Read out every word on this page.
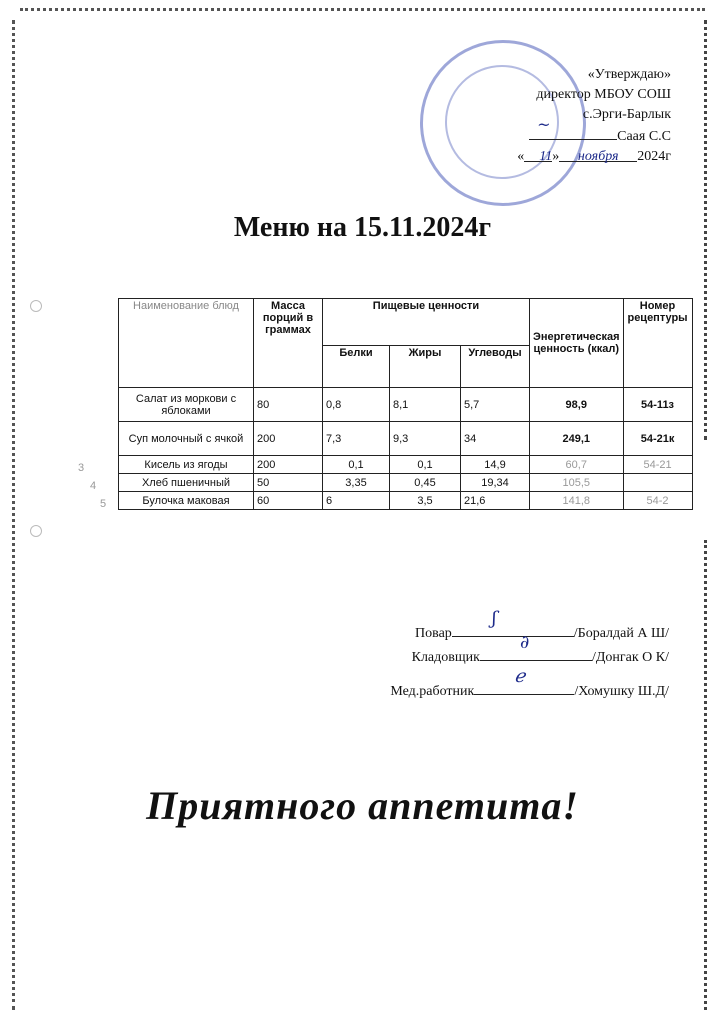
«Утверждаю»
директор МБОУ СОШ
с.Эрги-Барлык
~
Саая С.С
« 11» ноября 2024г
Меню на 15.11.2024г
Наименование блюд	Масса порций в граммах	Пищевые ценности			Энергетическая ценность (ккал)	Номер рецептуры
		Белки	Жиры	Углеводы		
Салат из моркови с яблоками	80	0,8	8,1	5,7	98,9	54-11з
Суп молочный с ячкой	200	7,3	9,3	34	249,1	54-21к
Кисель из ягоды	200	0,1	0,1	14,9	60,7	54-21
Хлеб пшеничный	50	3,35	0,45	19,34	105,5	
Булочка маковая	60	6	3,5	21,6	141,8	54-2
3
4
5
Повар
ʃ
/Боралдай А Ш/
Кладовщик
∂
/Донгак О К/
Мед.работник
ℯ
/Хомушку Ш.Д/
Приятного аппетита!
